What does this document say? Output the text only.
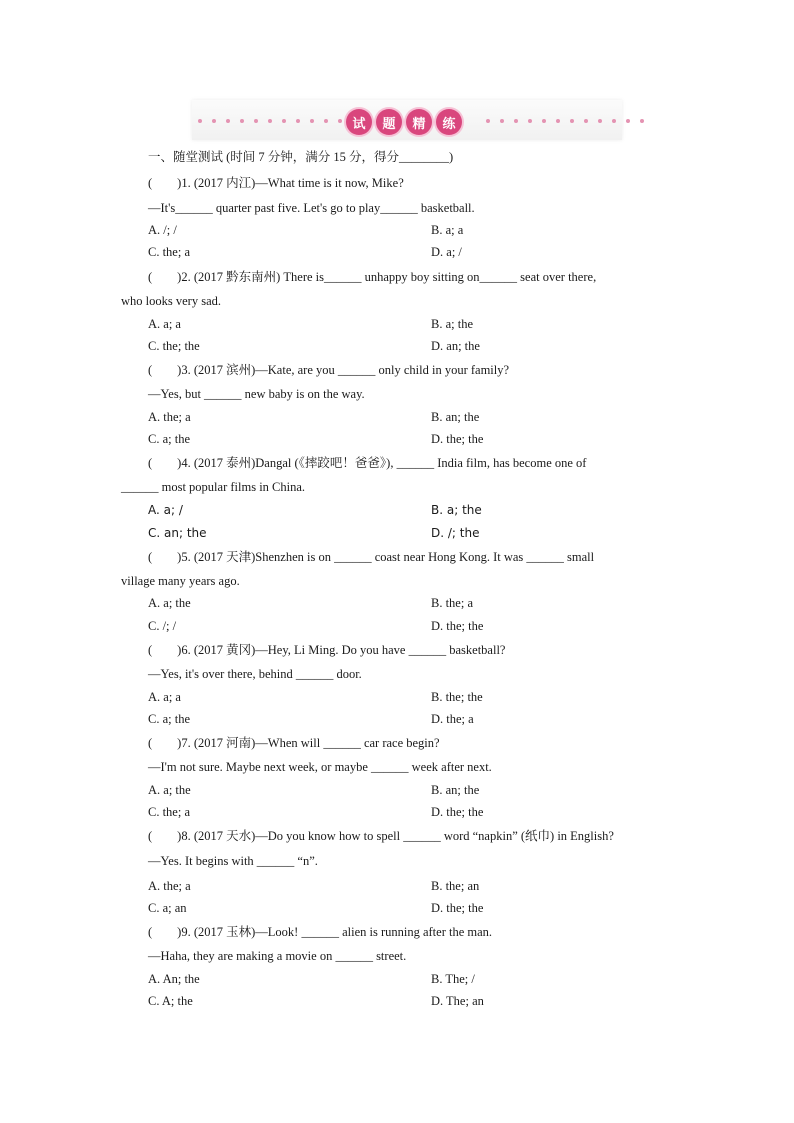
试	题	精	练
一、随堂测试 (时间 7 分钟，满分 15 分，得分________)
(　　)1. (2017 内江)—What time is it now, Mike?
—It's______ quarter past five. Let's go to play______ basketball.
A. /; /	B. a; a
C. the; a	D. a; /
(　　)2. (2017 黔东南州) There is______ unhappy boy sitting on______ seat over there,
who looks very sad.
A. a; a	B. a; the
C. the; the	D. an; the
(　　)3. (2017 滨州)—Kate, are you ______ only child in your family?
—Yes, but ______ new baby is on the way.
A. the; a	B. an; the
C. a; the	D. the; the
(　　)4. (2017 泰州)Dangal (《摔跤吧！爸爸》), ______ India film, has become one of
______ most popular films in China.
A. a; /	B. a; the
C. an; the	D. /; the
(　　)5. (2017 天津)Shenzhen is on ______ coast near Hong Kong. It was ______ small
village many years ago.
A. a; the	B. the; a
C. /; /	D. the; the
(　　)6. (2017 黄冈)—Hey, Li Ming. Do you have ______ basketball?
—Yes, it's over there, behind ______ door.
A. a; a	B. the; the
C. a; the	D. the; a
(　　)7. (2017 河南)—When will ______ car race begin?
—I'm not sure. Maybe next week, or maybe ______ week after next.
A. a; the	B. an; the
C. the; a	D. the; the
(　　)8. (2017 天水)—Do you know how to spell ______ word “napkin” (纸巾) in English?
—Yes. It begins with ______ “n”.
A. the; a	B. the; an
C. a; an	D. the; the
(　　)9. (2017 玉林)—Look! ______ alien is running after the man.
—Haha, they are making a movie on ______ street.
A. An; the	B. The; /
C. A; the	D. The; an
